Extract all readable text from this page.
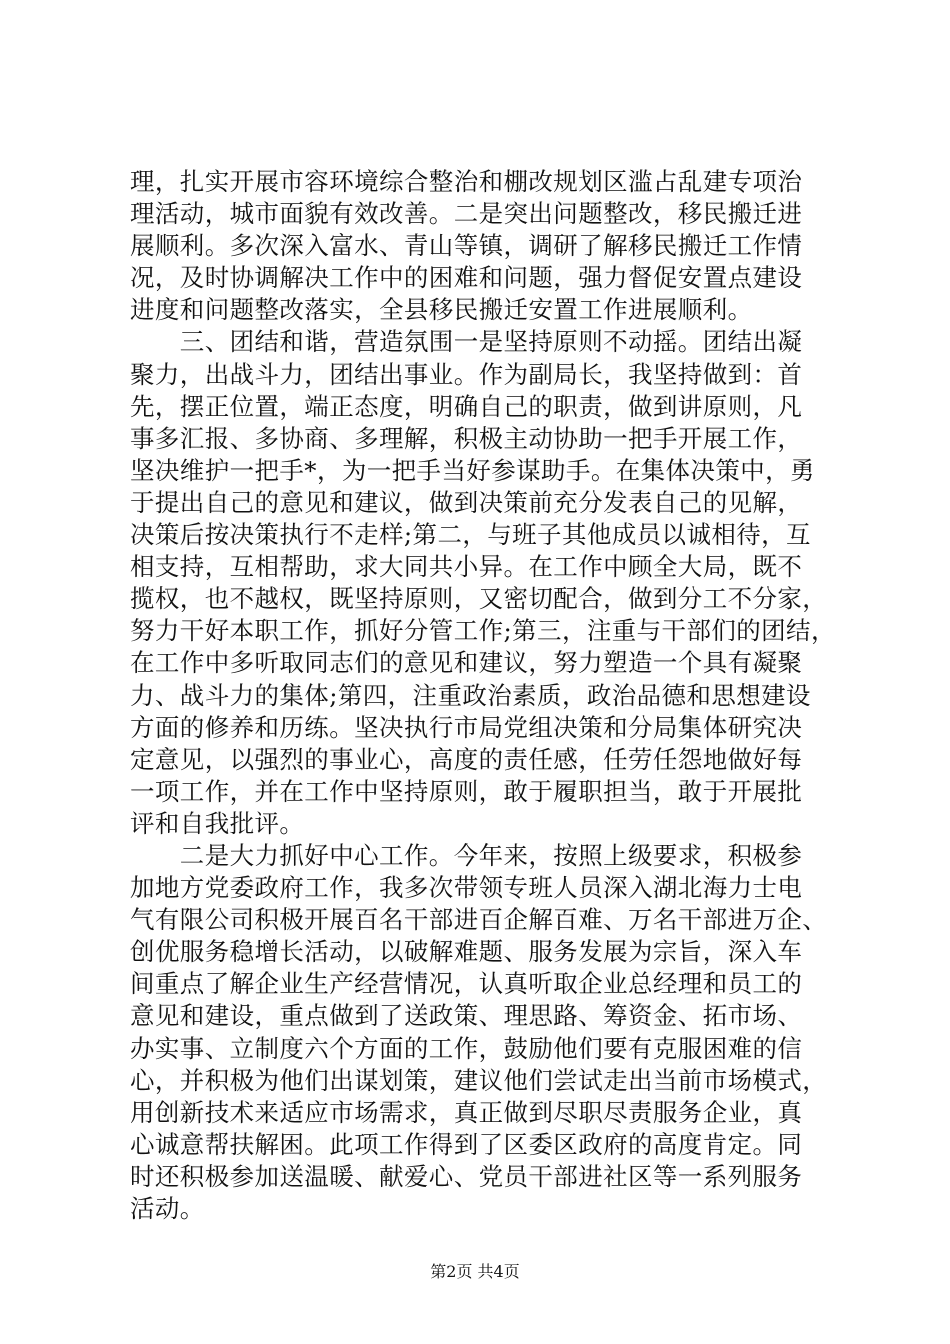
理，扎实开展市容环境综合整治和棚改规划区滥占乱建专项治
理活动，城市面貌有效改善。二是突出问题整改，移民搬迁进
展顺利。多次深入富水、青山等镇，调研了解移民搬迁工作情
况，及时协调解决工作中的困难和问题，强力督促安置点建设
进度和问题整改落实，全县移民搬迁安置工作进展顺利。
　　三、团结和谐，营造氛围一是坚持原则不动摇。团结出凝
聚力，出战斗力，团结出事业。作为副局长，我坚持做到：首
先，摆正位置，端正态度，明确自己的职责，做到讲原则，凡
事多汇报、多协商、多理解，积极主动协助一把手开展工作，
坚决维护一把手*，为一把手当好参谋助手。在集体决策中，勇
于提出自己的意见和建议，做到决策前充分发表自己的见解，
决策后按决策执行不走样;第二，与班子其他成员以诚相待，互
相支持，互相帮助，求大同共小异。在工作中顾全大局，既不
揽权，也不越权，既坚持原则，又密切配合，做到分工不分家，
努力干好本职工作，抓好分管工作;第三，注重与干部们的团结，
在工作中多听取同志们的意见和建议，努力塑造一个具有凝聚
力、战斗力的集体;第四，注重政治素质，政治品德和思想建设
方面的修养和历练。坚决执行市局党组决策和分局集体研究决
定意见，以强烈的事业心，高度的责任感，任劳任怨地做好每
一项工作，并在工作中坚持原则，敢于履职担当，敢于开展批
评和自我批评。
　　二是大力抓好中心工作。今年来，按照上级要求，积极参
加地方党委政府工作，我多次带领专班人员深入湖北海力士电
气有限公司积极开展百名干部进百企解百难、万名干部进万企、
创优服务稳增长活动，以破解难题、服务发展为宗旨，深入车
间重点了解企业生产经营情况，认真听取企业总经理和员工的
意见和建设，重点做到了送政策、理思路、筹资金、拓市场、
办实事、立制度六个方面的工作，鼓励他们要有克服困难的信
心，并积极为他们出谋划策，建议他们尝试走出当前市场模式，
用创新技术来适应市场需求，真正做到尽职尽责服务企业，真
心诚意帮扶解困。此项工作得到了区委区政府的高度肯定。同
时还积极参加送温暖、献爱心、党员干部进社区等一系列服务
活动。
第2页 共4页
